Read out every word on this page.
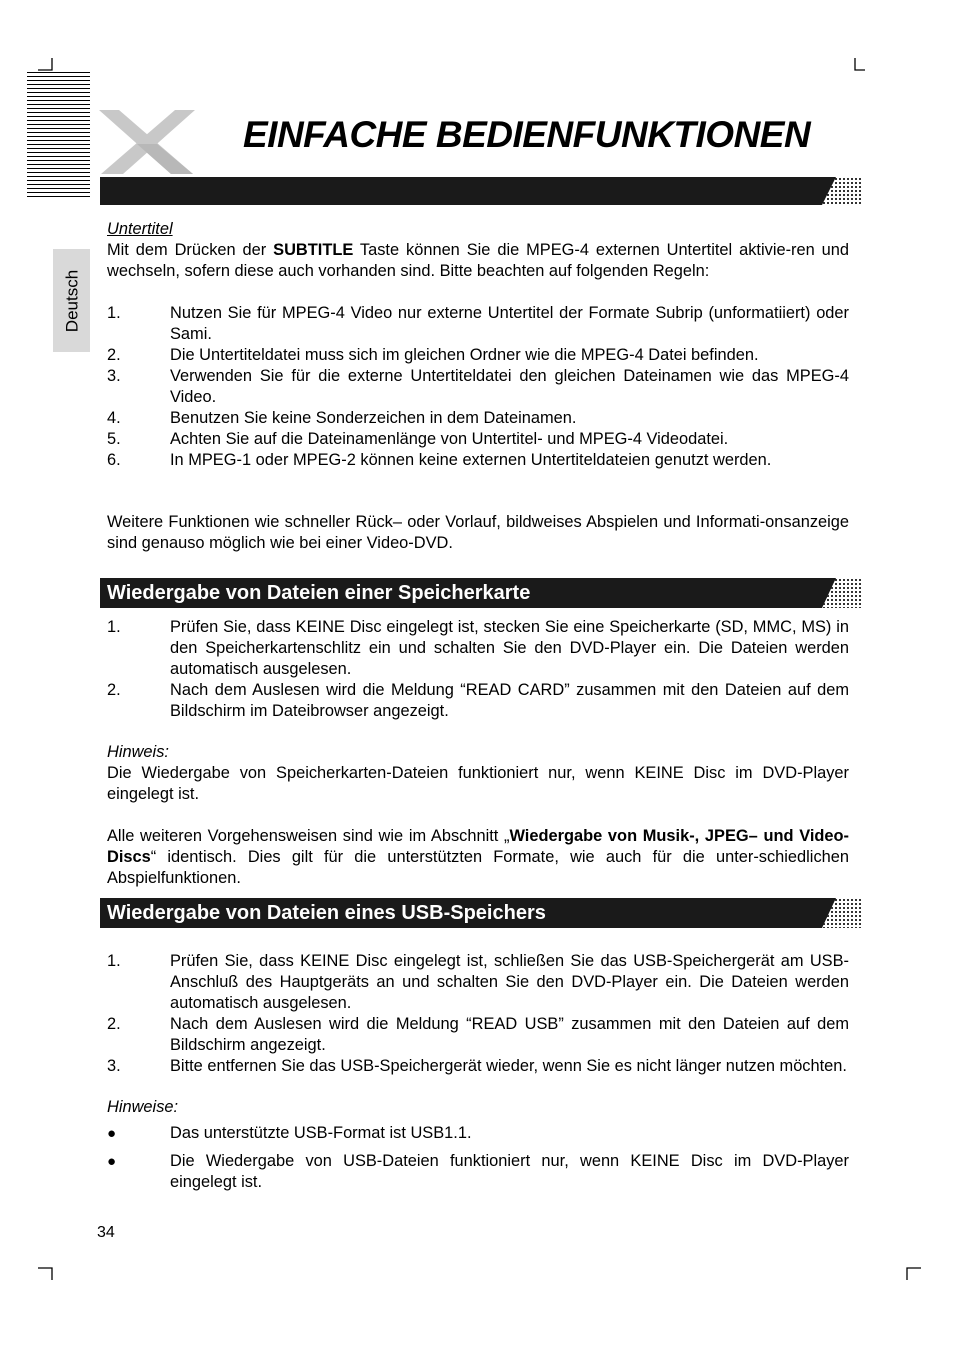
EINFACHE BEDIENFUNKTIONEN
Deutsch
Untertitel
Mit dem Drücken der SUBTITLE Taste können Sie die MPEG-4 externen Untertitel aktivie-ren und wechseln, sofern diese auch vorhanden sind. Bitte beachten auf folgenden Regeln:
1.	Nutzen Sie für MPEG-4 Video nur externe Untertitel der Formate Subrip (unformatiiert) oder Sami.
2.	Die Untertiteldatei muss sich im gleichen Ordner wie die MPEG-4 Datei befinden.
3.	Verwenden Sie für die externe Untertiteldatei den gleichen Dateinamen wie das MPEG-4 Video.
4.	Benutzen Sie keine Sonderzeichen in dem Dateinamen.
5.	Achten Sie auf die Dateinamenlänge von Untertitel- und MPEG-4 Videodatei.
6.	In MPEG-1 oder MPEG-2 können keine externen Untertiteldateien genutzt werden.
Weitere Funktionen wie schneller Rück– oder Vorlauf, bildweises Abspielen und Informati-onsanzeige sind genauso möglich wie bei einer Video-DVD.
Wiedergabe von Dateien einer Speicherkarte
1.	Prüfen Sie, dass KEINE Disc eingelegt ist, stecken Sie eine Speicherkarte (SD, MMC, MS) in den Speicherkartenschlitz ein und schalten Sie den DVD-Player ein. Die Dateien werden automatisch ausgelesen.
2.	Nach dem Auslesen wird die Meldung “READ CARD” zusammen mit den Dateien auf dem Bildschirm im Dateibrowser angezeigt.
Hinweis:
Die Wiedergabe von Speicherkarten-Dateien funktioniert nur, wenn KEINE Disc im DVD-Player eingelegt ist.
Alle weiteren Vorgehensweisen sind wie im Abschnitt „Wiedergabe von Musik-, JPEG– und Video-Discs“ identisch. Dies gilt für die unterstützten Formate, wie auch für die unter-schiedlichen Abspielfunktionen.
Wiedergabe von Dateien eines USB-Speichers
1.	Prüfen Sie, dass KEINE Disc eingelegt ist, schließen Sie das USB-Speichergerät am USB-Anschluß des Hauptgeräts an und schalten Sie den DVD-Player ein. Die Dateien werden automatisch ausgelesen.
2.	Nach dem Auslesen wird die Meldung “READ USB” zusammen mit den Dateien auf dem Bildschirm angezeigt.
3.	Bitte entfernen Sie das USB-Speichergerät wieder, wenn Sie es nicht länger nutzen möchten.
Hinweise:
●	Das unterstützte USB-Format ist USB1.1.
●	Die Wiedergabe von USB-Dateien funktioniert nur, wenn KEINE Disc im DVD-Player eingelegt ist.
34
